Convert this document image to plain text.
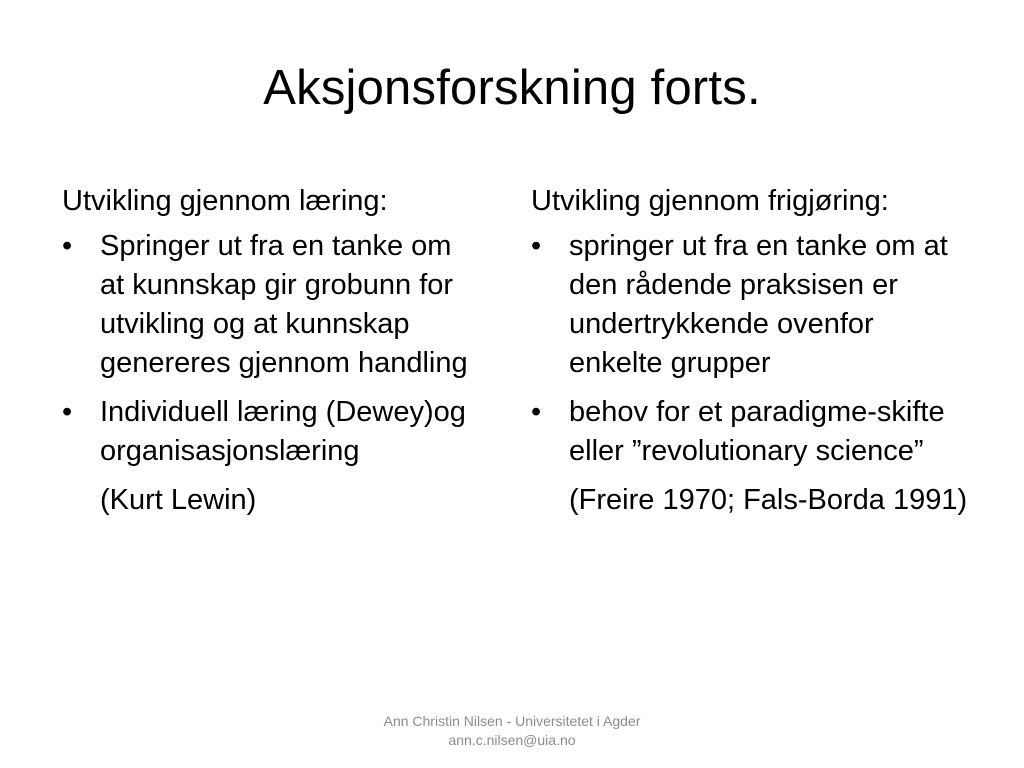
Aksjonsforskning forts.
Utvikling gjennom læring:
•
Springer ut fra en tanke om at kunnskap gir grobunn for utvikling og at kunnskap genereres gjennom handling
•
Individuell læring (Dewey)og organisasjonslæring
(Kurt Lewin)
Utvikling gjennom frigjøring:
•
springer ut fra en tanke om at den rådende praksisen er undertrykkende ovenfor enkelte grupper
•
behov for et paradigme-skifte eller ”revolutionary science”
(Freire 1970; Fals-Borda 1991)
Ann Christin Nilsen - Universitetet i Agder
ann.c.nilsen@uia.no
